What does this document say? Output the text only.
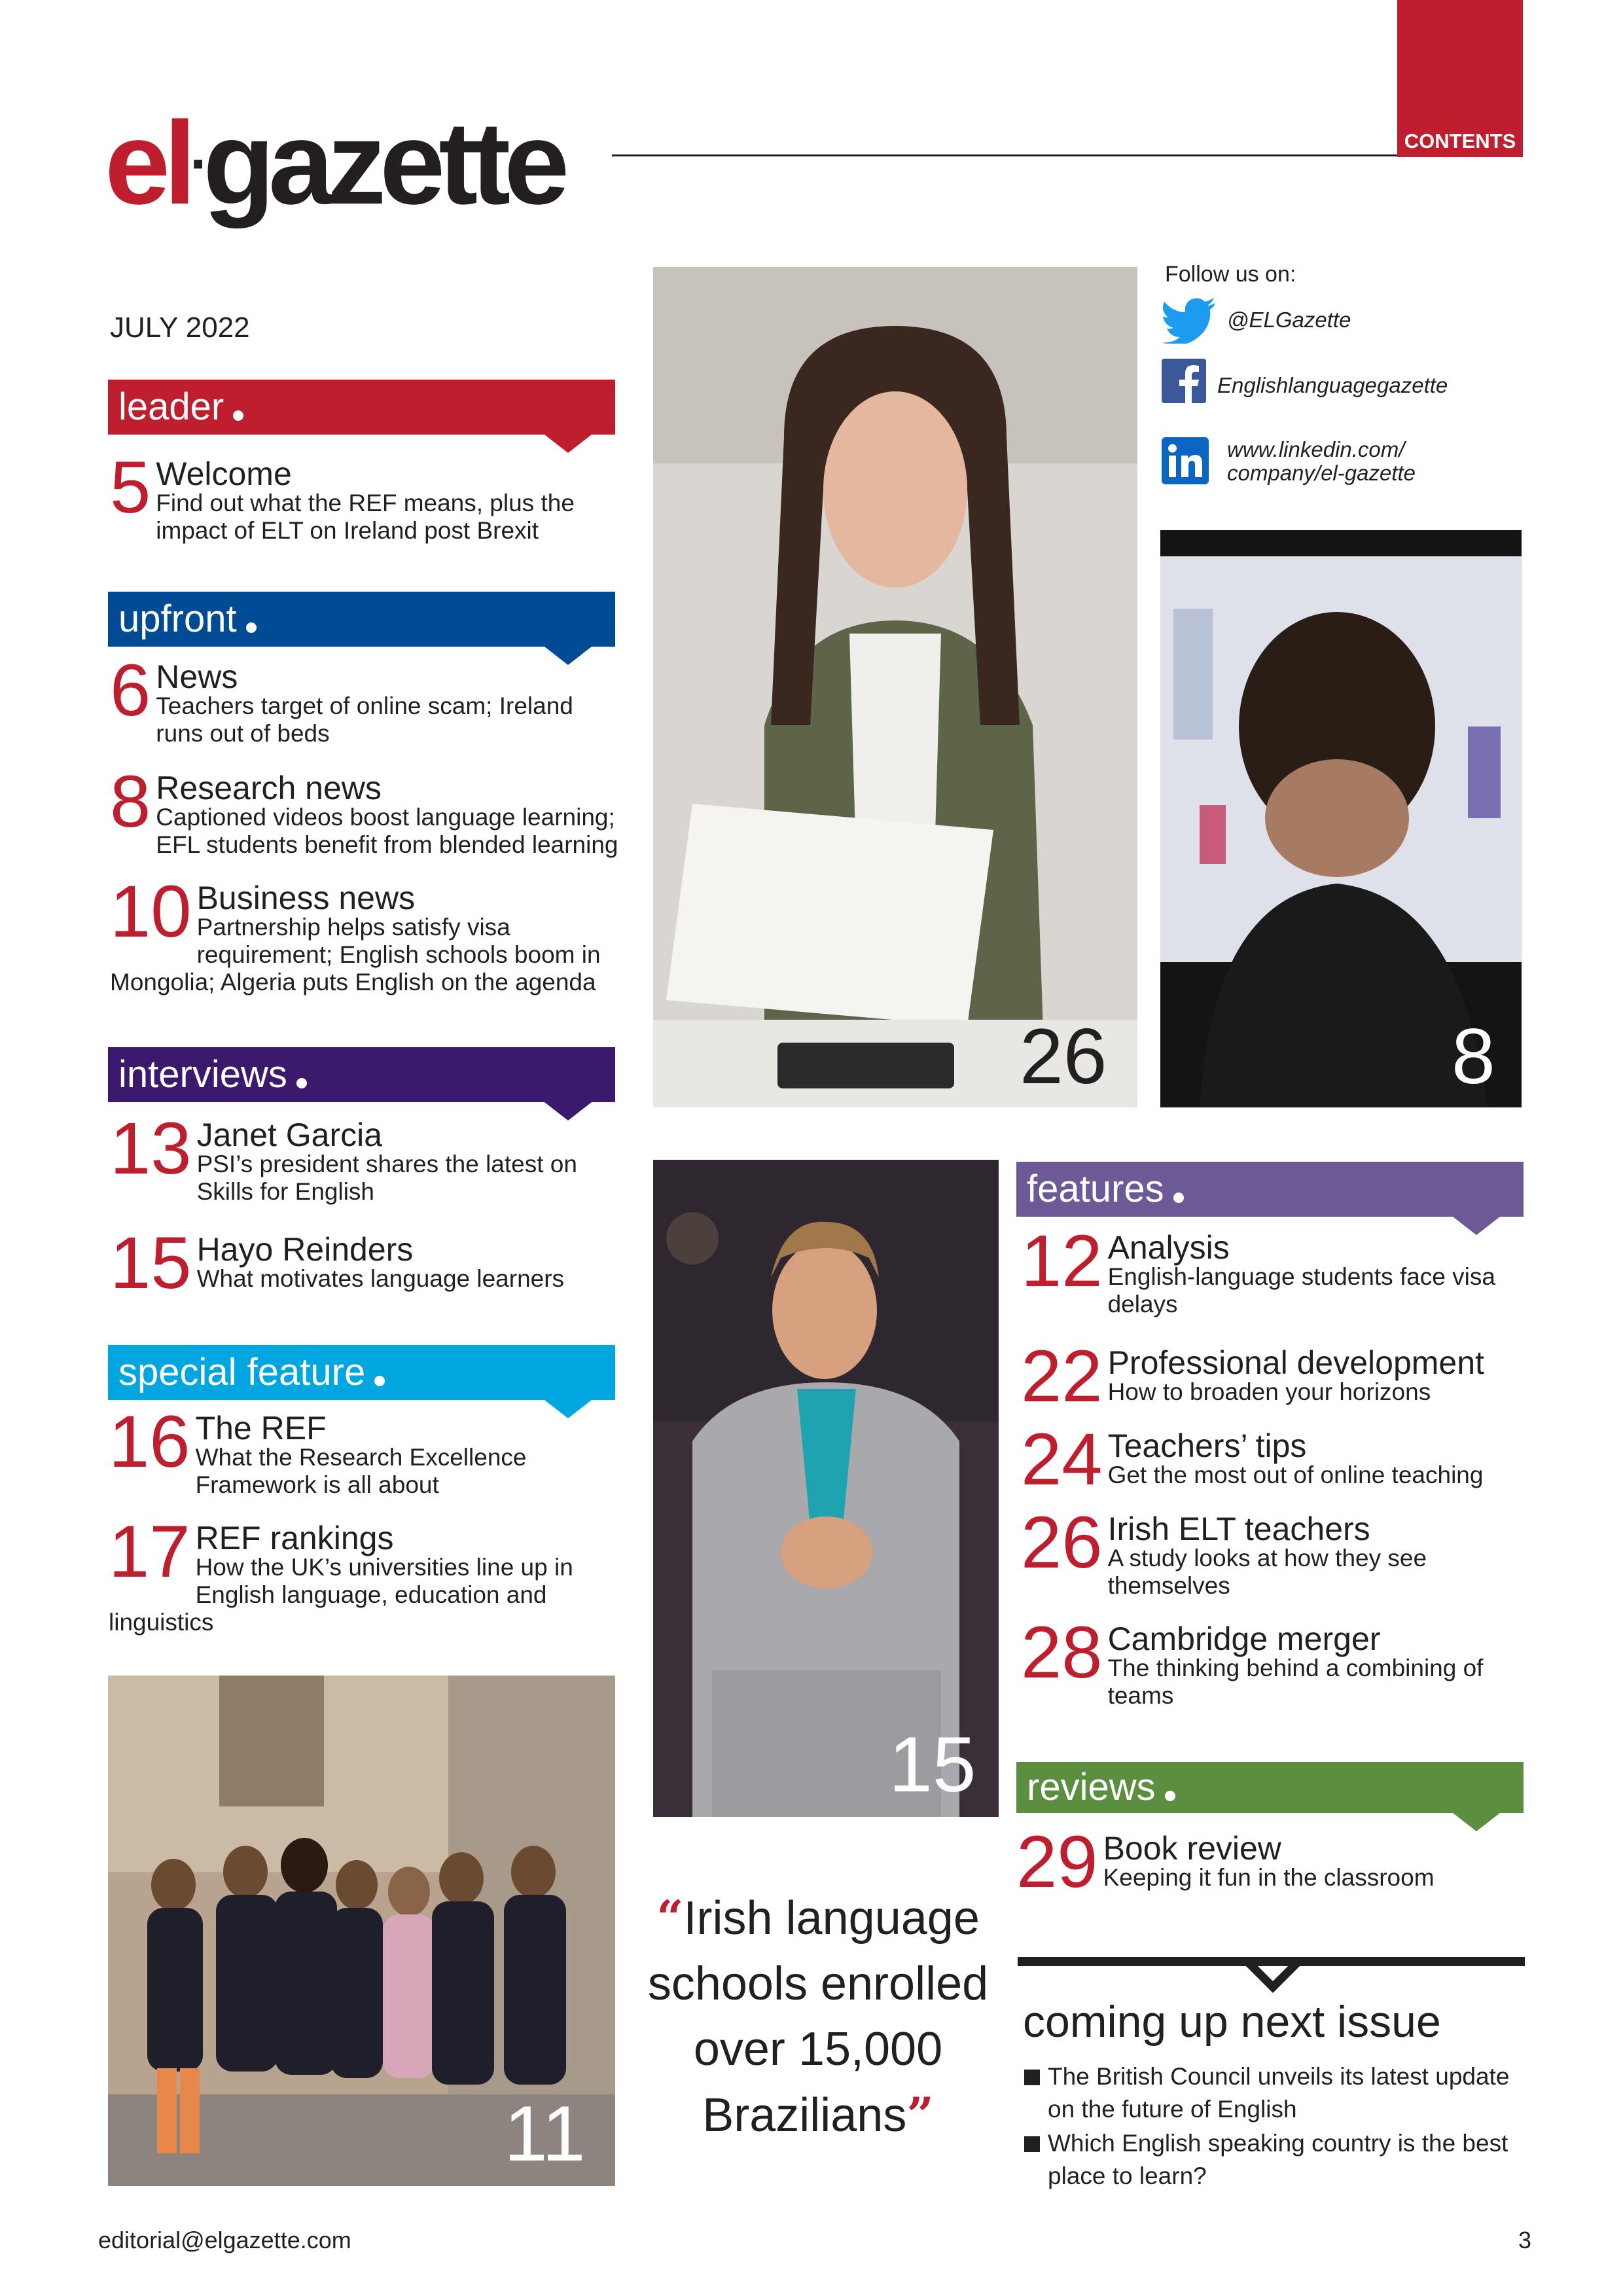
el·gazette	CONTENTS
JULY 2022
leader
5 Welcome
Find out what the REF means, plus the impact of ELT on Ireland post Brexit
upfront
6 News
Teachers target of online scam; Ireland runs out of beds
8 Research news
Captioned videos boost language learning; EFL students benefit from blended learning
10 Business news
Partnership helps satisfy visa requirement; English schools boom in Mongolia; Algeria puts English on the agenda
interviews
13 Janet Garcia
PSI’s president shares the latest on Skills for English
15 Hayo Reinders
What motivates language learners
special feature
16 The REF
What the Research Excellence Framework is all about
17 REF rankings
How the UK’s universities line up in English language, education and linguistics
11
26
15
“Irish language schools enrolled over 15,000 Brazilians”
Follow us on:
@ELGazette
Englishlanguagegazette
www.linkedin.com/
company/el-gazette
8
features
12 Analysis
English-language students face visa delays
22 Professional development
How to broaden your horizons
24 Teachers’ tips
Get the most out of online teaching
26 Irish ELT teachers
A study looks at how they see themselves
28 Cambridge merger
The thinking behind a combining of teams
reviews
29 Book review
Keeping it fun in the classroom
coming up next issue
The British Council unveils its latest update on the future of English
Which English speaking country is the best place to learn?
editorial@elgazette.com	3
